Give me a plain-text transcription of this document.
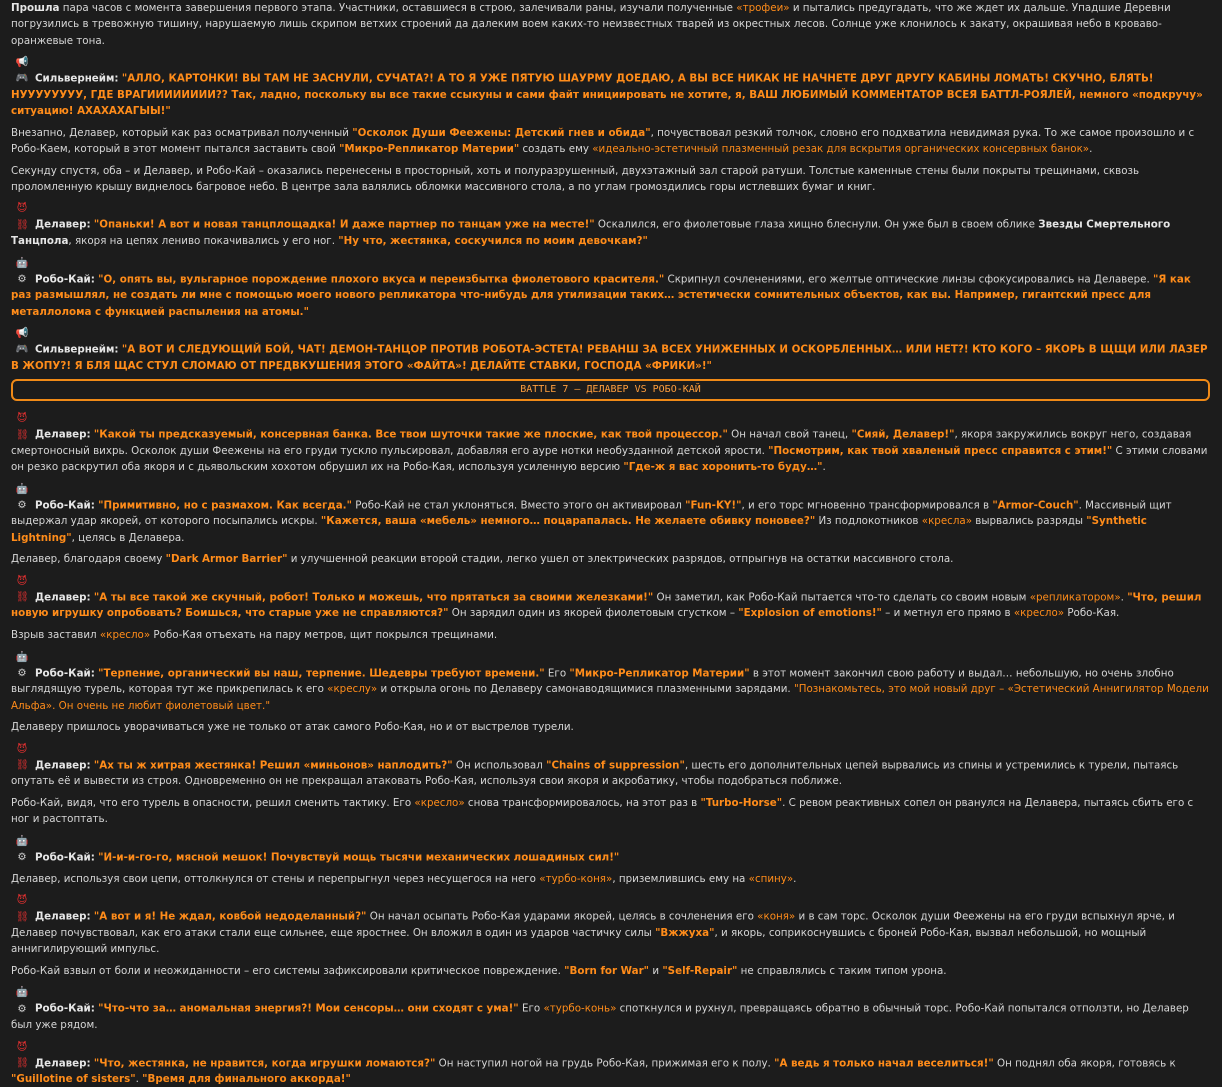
Прошла пара часов с момента завершения первого этапа. Участники, оставшиеся в строю, залечивали раны, изучали полученные «трофеи» и пытались предугадать, что же ждет их дальше. Упадшие Деревни погрузились в тревожную тишину, нарушаемую лишь скрипом ветхих строений да далеким воем каких-то неизвестных тварей из окрестных лесов. Солнце уже клонилось к закату, окрашивая небо в кроваво-оранжевые тона.
📢🎮 Сильвернейм: "АЛЛО, КАРТОНКИ! ВЫ ТАМ НЕ ЗАСНУЛИ, СУЧАТА?! А ТО Я УЖЕ ПЯТУЮ ШАУРМУ ДОЕДАЮ, А ВЫ ВСЕ НИКАК НЕ НАЧНЕТЕ ДРУГ ДРУГУ КАБИНЫ ЛОМАТЬ! СКУЧНО, БЛЯТЬ! НУУУУУУУУ, ГДЕ ВРАГИИИИИИИИ?? Так, ладно, поскольку вы все такие ссыкуны и сами файт инициировать не хотите, я, ВАШ ЛЮБИМЫЙ КОММЕНТАТОР ВСЕЯ БАТТЛ-РОЯЛЕЙ, немного «подкручу» ситуацию! АХАХАХАГЫЫ!"
Внезапно, Делавер, который как раз осматривал полученный "Осколок Души Феежены: Детский гнев и обида", почувствовал резкий толчок, словно его подхватила невидимая рука. То же самое произошло и с Робо-Каем, который в этот момент пытался заставить свой "Микро-Репликатор Материи" создать ему «идеально-эстетичный плазменный резак для вскрытия органических консервных банок».
Секунду спустя, оба – и Делавер, и Робо-Кай – оказались перенесены в просторный, хоть и полуразрушенный, двухэтажный зал старой ратуши. Толстые каменные стены были покрыты трещинами, сквозь проломленную крышу виднелось багровое небо. В центре зала валялись обломки массивного стола, а по углам громоздились горы истлевших бумаг и книг.
😈⛓ Делавер: "Опаньки! А вот и новая танцплощадка! И даже партнер по танцам уже на месте!" Оскалился, его фиолетовые глаза хищно блеснули. Он уже был в своем облике Звезды Смертельного Танцпола, якоря на цепях лениво покачивались у его ног. "Ну что, жестянка, соскучился по моим девочкам?"
🤖⚙ Робо-Кай: "О, опять вы, вульгарное порождение плохого вкуса и переизбытка фиолетового красителя." Скрипнул сочленениями, его желтые оптические линзы сфокусировались на Делавере. "Я как раз размышлял, не создать ли мне с помощью моего нового репликатора что-нибудь для утилизации таких… эстетически сомнительных объектов, как вы. Например, гигантский пресс для металлолома с функцией распыления на атомы."
📢🎮 Сильвернейм: "А ВОТ И СЛЕДУЮЩИЙ БОЙ, ЧАТ! ДЕМОН-ТАНЦОР ПРОТИВ РОБОТА-ЭСТЕТА! РЕВАНШ ЗА ВСЕХ УНИЖЕННЫХ И ОСКОРБЛЕННЫХ… ИЛИ НЕТ?! КТО КОГО – ЯКОРЬ В ЩЩИ ИЛИ ЛАЗЕР В ЖОПУ?! Я БЛЯ ЩАС СТУЛ СЛОМАЮ ОТ ПРЕДВКУШЕНИЯ ЭТОГО «ФАЙТА»! ДЕЛАЙТЕ СТАВКИ, ГОСПОДА «ФРИКИ»!"
BATTLE 7 – ДЕЛАВЕР VS РОБО-КАЙ
😈⛓ Делавер: "Какой ты предсказуемый, консервная банка. Все твои шуточки такие же плоские, как твой процессор." Он начал свой танец, "Сияй, Делавер!", якоря закружились вокруг него, создавая смертоносный вихрь. Осколок души Феежены на его груди тускло пульсировал, добавляя его ауре нотки необузданной детской ярости. "Посмотрим, как твой хваленый пресс справится с этим!" С этими словами он резко раскрутил оба якоря и с дьявольским хохотом обрушил их на Робо-Кая, используя усиленную версию "Где-ж я вас хоронить-то буду…".
🤖⚙ Робо-Кай: "Примитивно, но с размахом. Как всегда." Робо-Кай не стал уклоняться. Вместо этого он активировал "Fun-KY!", и его торс мгновенно трансформировался в "Armor-Couch". Массивный щит выдержал удар якорей, от которого посыпались искры. "Кажется, ваша «мебель» немного… поцарапалась. Не желаете обивку поновее?" Из подлокотников «кресла» вырвались разряды "Synthetic Lightning", целясь в Делавера.
Делавер, благодаря своему "Dark Armor Barrier" и улучшенной реакции второй стадии, легко ушел от электрических разрядов, отпрыгнув на остатки массивного стола.
😈⛓ Делавер: "А ты все такой же скучный, робот! Только и можешь, что прятаться за своими железками!" Он заметил, как Робо-Кай пытается что-то сделать со своим новым «репликатором». "Что, решил новую игрушку опробовать? Боишься, что старые уже не справляются?" Он зарядил один из якорей фиолетовым сгустком – "Explosion of emotions!" – и метнул его прямо в «кресло» Робо-Кая.
Взрыв заставил «кресло» Робо-Кая отъехать на пару метров, щит покрылся трещинами.
🤖⚙ Робо-Кай: "Терпение, органический вы наш, терпение. Шедевры требуют времени." Его "Микро-Репликатор Материи" в этот момент закончил свою работу и выдал… небольшую, но очень злобно выглядящую турель, которая тут же прикрепилась к его «креслу» и открыла огонь по Делаверу самонаводящимися плазменными зарядами. "Познакомьтесь, это мой новый друг – «Эстетический Аннигилятор Модели Альфа». Он очень не любит фиолетовый цвет."
Делаверу пришлось уворачиваться уже не только от атак самого Робо-Кая, но и от выстрелов турели.
😈⛓ Делавер: "Ах ты ж хитрая жестянка! Решил «миньонов» наплодить?" Он использовал "Chains of suppression", шесть его дополнительных цепей вырвались из спины и устремились к турели, пытаясь опутать её и вывести из строя. Одновременно он не прекращал атаковать Робо-Кая, используя свои якоря и акробатику, чтобы подобраться поближе.
Робо-Кай, видя, что его турель в опасности, решил сменить тактику. Его «кресло» снова трансформировалось, на этот раз в "Turbo-Horse". С ревом реактивных сопел он рванулся на Делавера, пытаясь сбить его с ног и растоптать.
🤖⚙ Робо-Кай: "И-и-и-го-го, мясной мешок! Почувствуй мощь тысячи механических лошадиных сил!"
Делавер, используя свои цепи, оттолкнулся от стены и перепрыгнул через несущегося на него «турбо-коня», приземлившись ему на «спину».
😈⛓ Делавер: "А вот и я! Не ждал, ковбой недоделанный?" Он начал осыпать Робо-Кая ударами якорей, целясь в сочленения его «коня» и в сам торс. Осколок души Феежены на его груди вспыхнул ярче, и Делавер почувствовал, как его атаки стали еще сильнее, еще яростнее. Он вложил в один из ударов частичку силы "Вжжуха", и якорь, соприкоснувшись с броней Робо-Кая, вызвал небольшой, но мощный аннигилирующий импульс.
Робо-Кай взвыл от боли и неожиданности – его системы зафиксировали критическое повреждение. "Born for War" и "Self-Repair" не справлялись с таким типом урона.
🤖⚙ Робо-Кай: "Что-что за… аномальная энергия?! Мои сенсоры… они сходят с ума!" Его «турбо-конь» споткнулся и рухнул, превращаясь обратно в обычный торс. Робо-Кай попытался отползти, но Делавер был уже рядом.
😈⛓ Делавер: "Что, жестянка, не нравится, когда игрушки ломаются?" Он наступил ногой на грудь Робо-Кая, прижимая его к полу. "А ведь я только начал веселиться!" Он поднял оба якоря, готовясь к "Guillotine of sisters". "Время для финального аккорда!"
